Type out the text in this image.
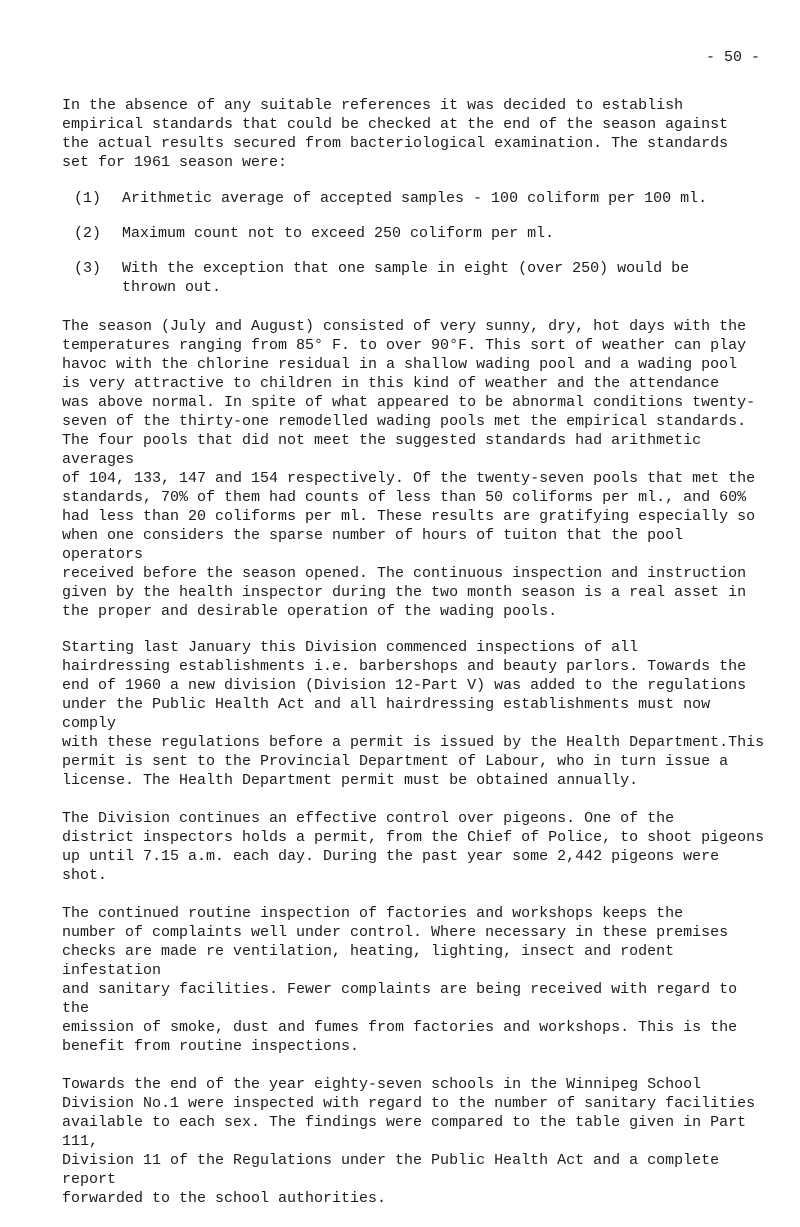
- 50 -

In the absence of any suitable references it was decided to establish
empirical standards that could be checked at the end of the season against
the actual results secured from bacteriological examination. The standards
set for 1961 season were:

(1)	Arithmetic average of accepted samples - 100 coliform per 100 ml.
(2)	Maximum count not to exceed 250 coliform per ml.
(3)	With the exception that one sample in eight (over 250) would be
thrown out.

The season (July and August) consisted of very sunny, dry, hot days with the
temperatures ranging from 85° F. to over 90°F. This sort of weather can play
havoc with the chlorine residual in a shallow wading pool and a wading pool
is very attractive to children in this kind of weather and the attendance
was above normal. In spite of what appeared to be abnormal conditions twenty-
seven of the thirty-one remodelled wading pools met the empirical standards.
The four pools that did not meet the suggested standards had arithmetic averages
of 104, 133, 147 and 154 respectively. Of the twenty-seven pools that met the
standards, 70% of them had counts of less than 50 coliforms per ml., and 60%
had less than 20 coliforms per ml. These results are gratifying especially so
when one considers the sparse number of hours of tuiton that the pool operators
received before the season opened. The continuous inspection and instruction
given by the health inspector during the two month season is a real asset in
the proper and desirable operation of the wading pools.

Starting last January this Division commenced inspections of all
hairdressing establishments i.e. barbershops and beauty parlors. Towards the
end of 1960 a new division (Division 12-Part V) was added to the regulations
under the Public Health Act and all hairdressing establishments must now comply
with these regulations before a permit is issued by the Health Department.This
permit is sent to the Provincial Department of Labour, who in turn issue a
license. The Health Department permit must be obtained annually.

The Division continues an effective control over pigeons. One of the
district inspectors holds a permit, from the Chief of Police, to shoot pigeons
up until 7.15 a.m. each day. During the past year some 2,442 pigeons were shot.

The continued routine inspection of factories and workshops keeps the
number of complaints well under control. Where necessary in these premises
checks are made re ventilation, heating, lighting, insect and rodent infestation
and sanitary facilities. Fewer complaints are being received with regard to the
emission of smoke, dust and fumes from factories and workshops. This is the
benefit from routine inspections.

Towards the end of the year eighty-seven schools in the Winnipeg School
Division No.1 were inspected with regard to the number of sanitary facilities
available to each sex. The findings were compared to the table given in Part 111,
Division 11 of the Regulations under the Public Health Act and a complete report
forwarded to the school authorities.
